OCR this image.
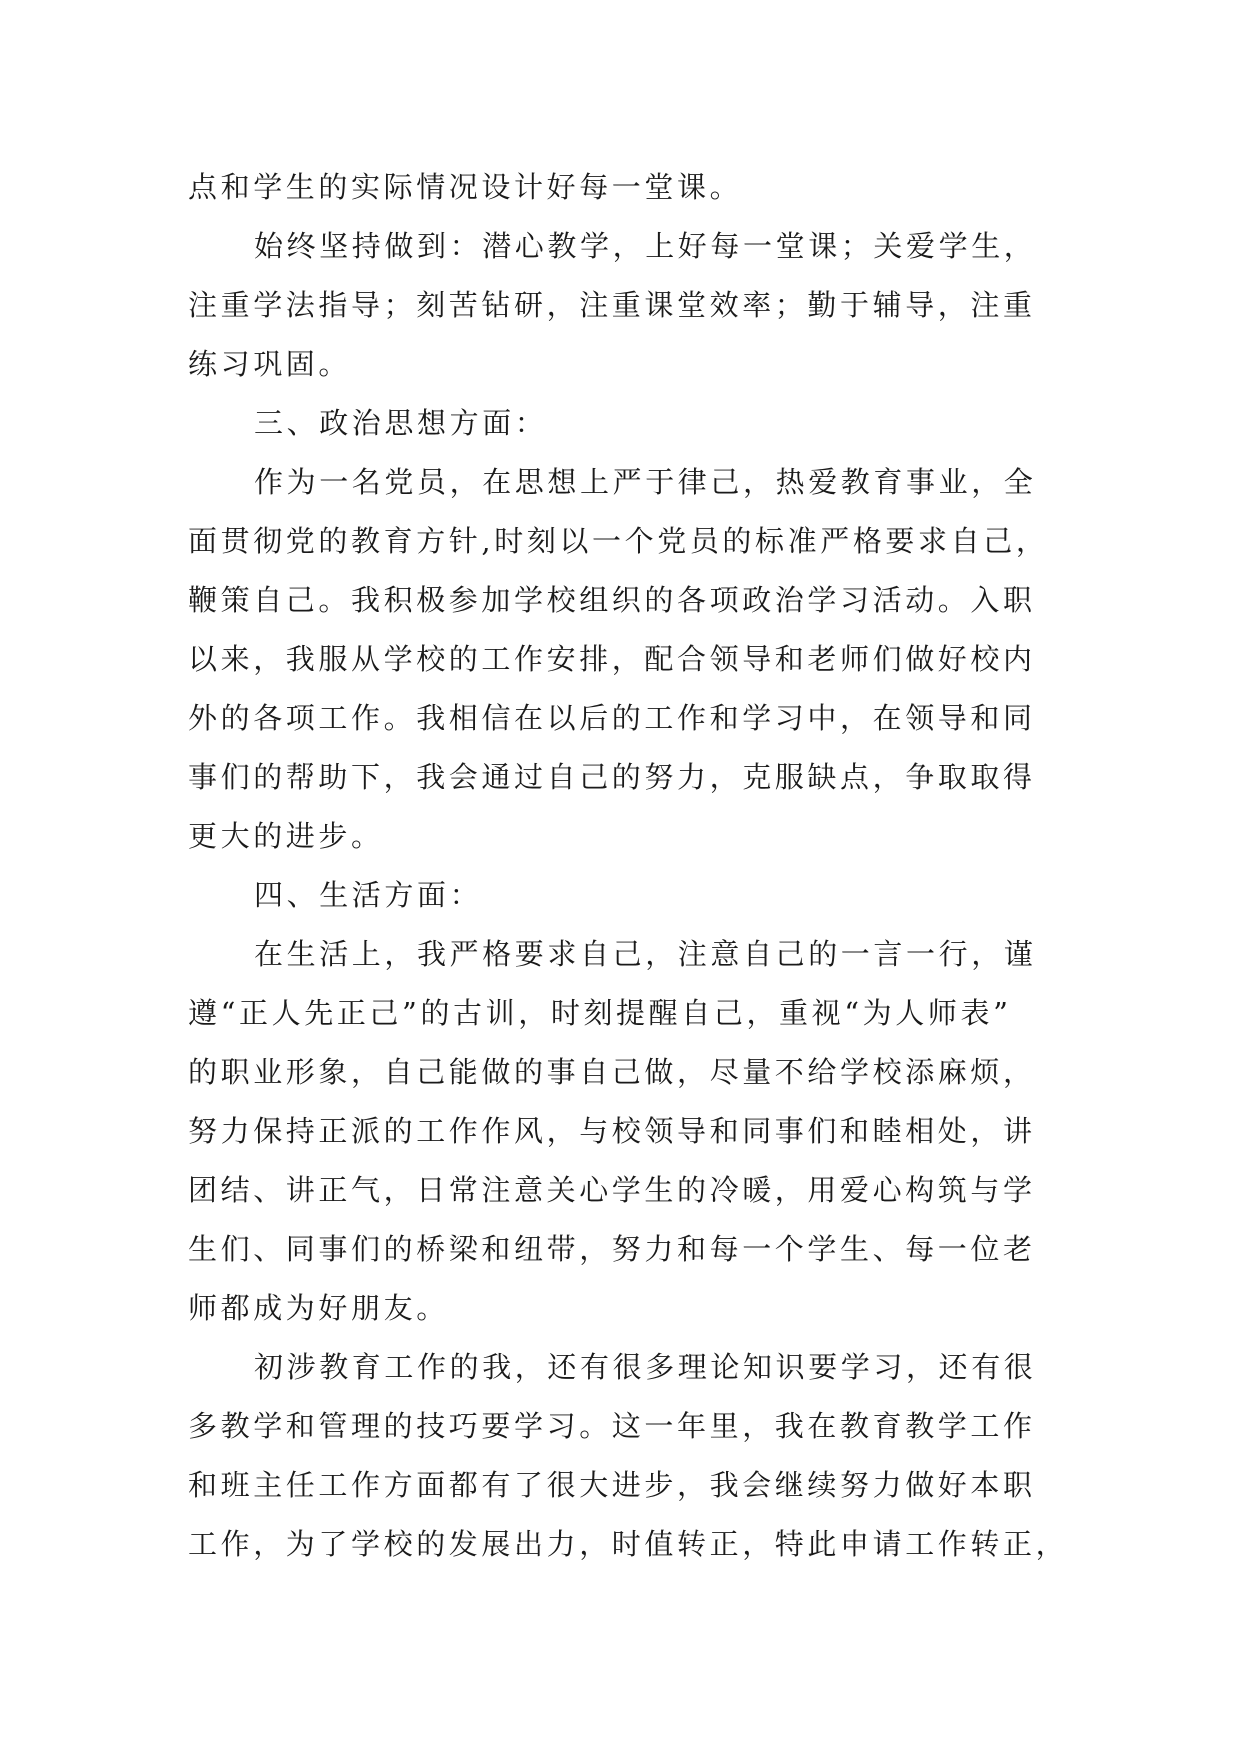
点和学生的实际情况设计好每一堂课。

始终坚持做到：潜心教学，上好每一堂课；关爱学生，

注重学法指导；刻苦钻研，注重课堂效率；勤于辅导，注重

练习巩固。

三、政治思想方面：

作为一名党员，在思想上严于律己，热爱教育事业，全

面贯彻党的教育方针,时刻以一个党员的标准严格要求自己，

鞭策自己。我积极参加学校组织的各项政治学习活动。入职

以来，我服从学校的工作安排，配合领导和老师们做好校内

外的各项工作。我相信在以后的工作和学习中，在领导和同

事们的帮助下，我会通过自己的努力，克服缺点，争取取得

更大的进步。

四、生活方面：

在生活上，我严格要求自己，注意自己的一言一行，谨

遵“正人先正己”的古训，时刻提醒自己，重视“为人师表”

的职业形象，自己能做的事自己做，尽量不给学校添麻烦，

努力保持正派的工作作风，与校领导和同事们和睦相处，讲

团结、讲正气，日常注意关心学生的冷暖，用爱心构筑与学

生们、同事们的桥梁和纽带，努力和每一个学生、每一位老

师都成为好朋友。

初涉教育工作的我，还有很多理论知识要学习，还有很

多教学和管理的技巧要学习。这一年里，我在教育教学工作

和班主任工作方面都有了很大进步，我会继续努力做好本职

工作，为了学校的发展出力，时值转正，特此申请工作转正，
